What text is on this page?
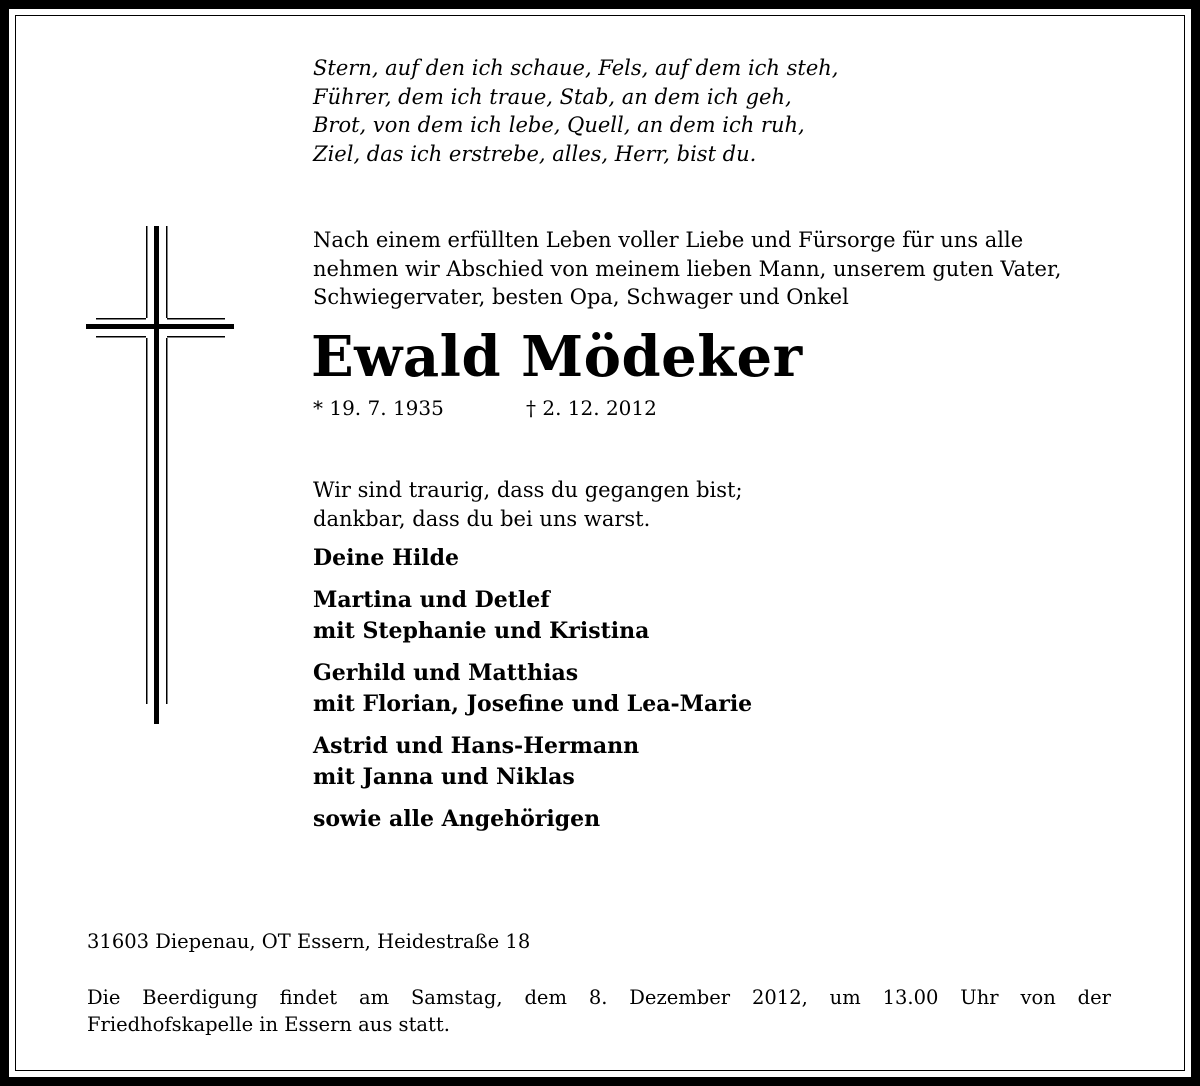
Stern, auf den ich schaue, Fels, auf dem ich steh,
Führer, dem ich traue, Stab, an dem ich geh,
Brot, von dem ich lebe, Quell, an dem ich ruh,
Ziel, das ich erstrebe, alles, Herr, bist du.
Nach einem erfüllten Leben voller Liebe und Fürsorge für uns alle
nehmen wir Abschied von meinem lieben Mann, unserem guten Vater,
Schwiegervater, besten Opa, Schwager und Onkel
Ewald Mödeker
* 19. 7. 1935	† 2. 12. 2012
Wir sind traurig, dass du gegangen bist;
dankbar, dass du bei uns warst.
Deine Hilde
Martina und Detlef
mit Stephanie und Kristina
Gerhild und Matthias
mit Florian, Josefine und Lea-Marie
Astrid und Hans-Hermann
mit Janna und Niklas
sowie alle Angehörigen
31603 Diepenau, OT Essern, Heidestraße 18
Die Beerdigung findet am Samstag, dem 8. Dezember 2012, um 13.00 Uhr von der
Friedhofskapelle in Essern aus statt.
